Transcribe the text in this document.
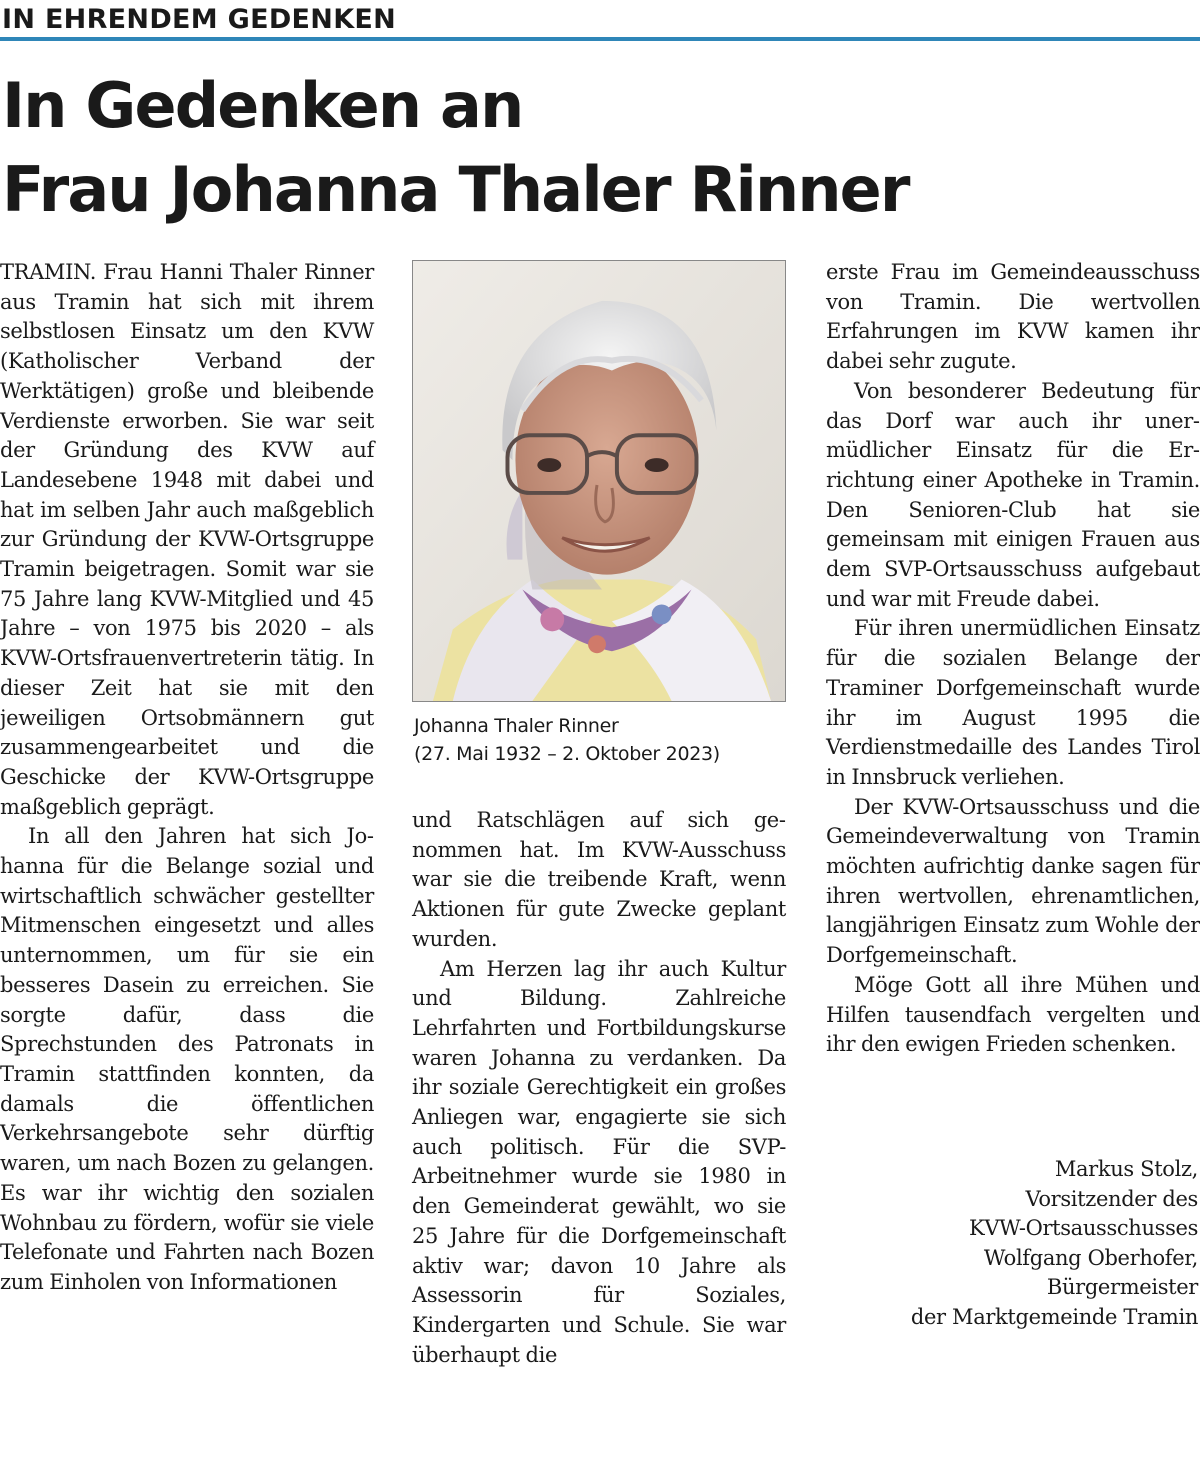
IN EHRENDEM GEDENKEN
In Gedenken an
Frau Johanna Thaler Rinner

TRAMIN. Frau Hanni Thaler Rinner aus Tramin hat sich mit ihrem selbstlosen Einsatz um den KVW (Katholischer Verband der Werktätigen) große und bleibende Verdienste erworben. Sie war seit der Gründung des KVW auf Landesebene 1948 mit dabei und hat im selben Jahr auch maßgeblich zur Gründung der KVW-Ortsgruppe Tramin beigetragen. Somit war sie 75 Jahre lang KVW-Mitglied und 45 Jahre – von 1975 bis 2020 – als KVW-Ortsfrauenvertreterin tätig. In dieser Zeit hat sie mit den jeweiligen Ortsobmännern gut zusammengearbeitet und die Geschicke der KVW-Ortsgruppe maßgeblich geprägt.

In all den Jahren hat sich Johanna für die Belange sozial und wirtschaftlich schwächer gestellter Mitmenschen eingesetzt und alles unternommen, um für sie ein besseres Dasein zu erreichen. Sie sorgte dafür, dass die Sprechstunden des Patronats in Tramin stattfinden konnten, da damals die öffentlichen Verkehrsangebote sehr dürftig waren, um nach Bozen zu gelangen. Es war ihr wichtig den sozialen Wohnbau zu fördern, wofür sie viele Telefonate und Fahrten nach Bozen zum Einholen von Informationen

Johanna Thaler Rinner
(27. Mai 1932 – 2. Oktober 2023)

und Ratschlägen auf sich genommen hat. Im KVW-Ausschuss war sie die treibende Kraft, wenn Aktionen für gute Zwecke geplant wurden.

Am Herzen lag ihr auch Kultur und Bildung. Zahlreiche Lehrfahrten und Fortbildungskurse waren Johanna zu verdanken. Da ihr soziale Gerechtigkeit ein großes Anliegen war, engagierte sie sich auch politisch. Für die SVP-Arbeitnehmer wurde sie 1980 in den Gemeinderat gewählt, wo sie 25 Jahre für die Dorfgemeinschaft aktiv war; davon 10 Jahre als Assessorin für Soziales, Kindergarten und Schule. Sie war überhaupt die

erste Frau im Gemeindeausschuss von Tramin. Die wertvollen Erfahrungen im KVW kamen ihr dabei sehr zugute.

Von besonderer Bedeutung für das Dorf war auch ihr unermüdlicher Einsatz für die Errichtung einer Apotheke in Tramin. Den Senioren-Club hat sie gemeinsam mit einigen Frauen aus dem SVP-Ortsausschuss aufgebaut und war mit Freude dabei.

Für ihren unermüdlichen Einsatz für die sozialen Belange der Traminer Dorfgemeinschaft wurde ihr im August 1995 die Verdienstmedaille des Landes Tirol in Innsbruck verliehen.

Der KVW-Ortsausschuss und die Gemeindeverwaltung von Tramin möchten aufrichtig danke sagen für ihren wertvollen, ehrenamtlichen, langjährigen Einsatz zum Wohle der Dorfgemeinschaft.

Möge Gott all ihre Mühen und Hilfen tausendfach vergelten und ihr den ewigen Frieden schenken.

Markus Stolz,
Vorsitzender des
KVW-Ortsausschusses
Wolfgang Oberhofer,
Bürgermeister
der Marktgemeinde Tramin
